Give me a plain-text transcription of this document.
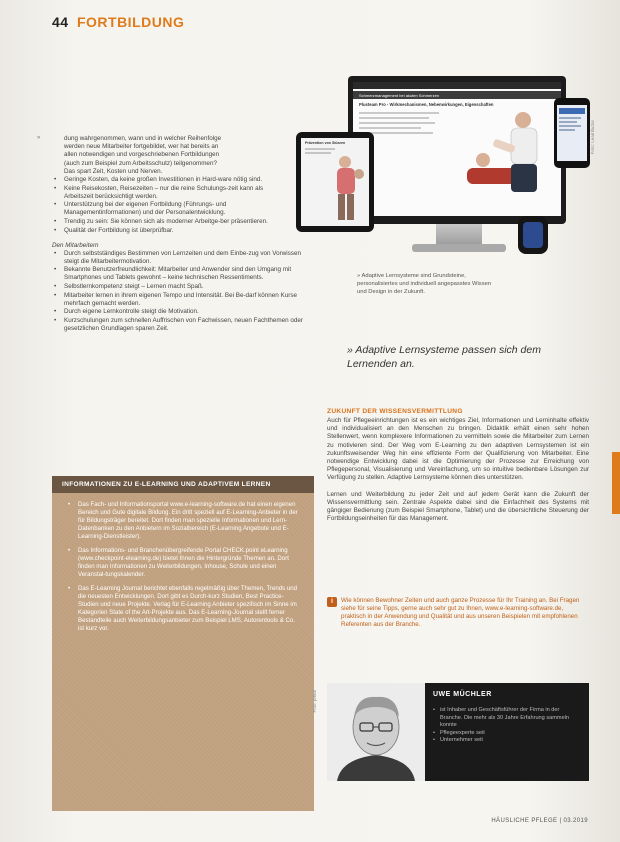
44 FORTBILDUNG
»	dung wahrgenommen, wann und in welcher Reihenfolge

werden neue Mitarbeiter fortgebildet, wer hat bereits an

allen notwendigen und vorgeschriebenen Fortbildungen

(auch zum Beispiel zum Arbeitsschutz) teilgenommen?

Das spart Zeit, Kosten und Nerven.

• Geringe Kosten, da keine großen Investitionen in Hard-ware nötig sind.
• Keine Reisekosten, Reisezeiten – nur die reine Schulungs-zeit kann als Arbeitszeit berücksichtigt werden.
• Unterstützung bei der eigenen Fortbildung (Führungs- und Managementinformationen) und der Personalentwicklung.
• Trendig zu sein: Sie können sich als moderner Arbeitge-ber präsentieren.
• Qualität der Fortbildung ist überprüfbar.
Den Mitarbeitern
• Durch selbstständiges Bestimmen von Lernzeiten und dem Einbe-zug von Vorwissen steigt die Mitarbeitermotivation.
• Bekannte Benutzerfreundlichkeit: Mitarbeiter und Anwender sind den Umgang mit Smartphones und Tablets gewohnt – keine technischen Ressentiments.
• Selbstlernkompetenz steigt – Lernen macht Spaß.
• Mitarbeiter lernen in ihrem eigenen Tempo und Intensität. Bei Be-darf können Kurse mehrfach gemacht werden.
• Durch eigene Lernkontrolle steigt die Motivation.
• Kurzschulungen zum schnellen Auffrischen von Fachwissen, neuen Fachthemen oder gesetzlichen Grundlagen sparen Zeit.
Schmerzmanagement bei akuten Schmerzen
Plusteam Pro - Wirkmechanismen, Nebenwirkungen, Eigenschaften
Prävention von Stürzen	Foto: Learnfactor
» Adaptive Lernsysteme sind Grundsteine, personalisiertes und individuell angepasstes Wissen und Design in der Zukunft.
» Adaptive Lernsysteme passen sich dem Lernenden an.
ZUKUNFT DER WISSENSVERMITTLUNG

Auch für Pflegeeinrichtungen ist es ein wichtiges Ziel, Informationen und Lerninhalte effektiv und individualisiert an den Menschen zu bringen. Didaktik erhält einen sehr hohen Stellenwert, wenn komplexere Informationen zu vermitteln sowie die Mitarbeiter zum Lernen zu motivieren sind. Der Weg vom E-Learning zu den adaptiven Lernsystemen ist ein zukunftsweisender Weg hin eine effiziente Form der Qualifizierung von Mitarbeiter. Eine notwendige Entwicklung dabei ist die Optimierung der Prozesse zur Erreichung von Pflegepersonal, Visualisierung und Vereinfachung, um so intuitive bedienbare Lösungen zur Verfügung zu stellen. Adaptive Lernsysteme können dies unterstützen.

Lernen und Weiterbildung zu jeder Zeit und auf jedem Gerät kann die Zukunft der Wissensvermittlung sein. Zentrale Aspekte dabei sind die Einfachheit des Systems mit gängiger Bedienung (zum Beispiel Smartphone, Tablet) und die übersichtliche Steuerung der Fortbildungseinheiten für das Management.

i	Wie können Bewohner Zeiten und auch ganze Prozesse für Ihr Training an. Bei Fragen siehe für seine Tipps, gerne auch sehr gut zu Ihnen, www.e-learning-software.de, praktisch in der Anwendung und Qualität und aus unseren Beispielen mit empfohlenen Referenten aus der Branche.
INFORMATIONEN ZU E-LEARNING UND ADAPTIVEM LERNEN
• Das Fach- und Informationsportal www.e-learning-software.de hat einen eigenen Bereich und Gute digitale Bildung. Ein dritt speziell auf E-Learning-Anbieter in der für Bildungsträger bereitet. Dort finden man spezielle Informationen und Lern-Datenbanken zu den Anbietern im Sozialbereich (E-Learning Angebote und E-Learning-Dienstleister).
• Das Informations- und Branchenübergreifende Portal CHECK.point eLearning (www.checkpoint-elearning.de) bietet Ihnen die Hintergründe Themen an. Dort finden man Informationen zu Weiterbildungen, Inhouse, Schule und einen Veranstal-tungskalender.
• Das E-Learning Journal berichtet ebenfalls regelmäßig über Themen, Trends und die neuesten Entwicklungen. Dort gibt es Durch-kurz Studien, Best Practice-Studien und neue Projekte. Verlag für E-Learning Anbieter spezifisch im Sinne im Kategorien State of the Art-Projekte aus. Das E-Learning-Journal stellt ferner Bestandteile auch Weiterbildungsanbieter zum Beispiel LMS, Autorentools & Co. ist kurz vor.
Foto: privat	UWE MÜCHLER
• ist Inhaber und Geschäftsführer der Firma in der Branche. Die mehr als 30 Jahre Erfahrung sammeln konnte
• Pflegeexperte seit
• Unternehmer seit
HÄUSLICHE PFLEGE | 03.2019
